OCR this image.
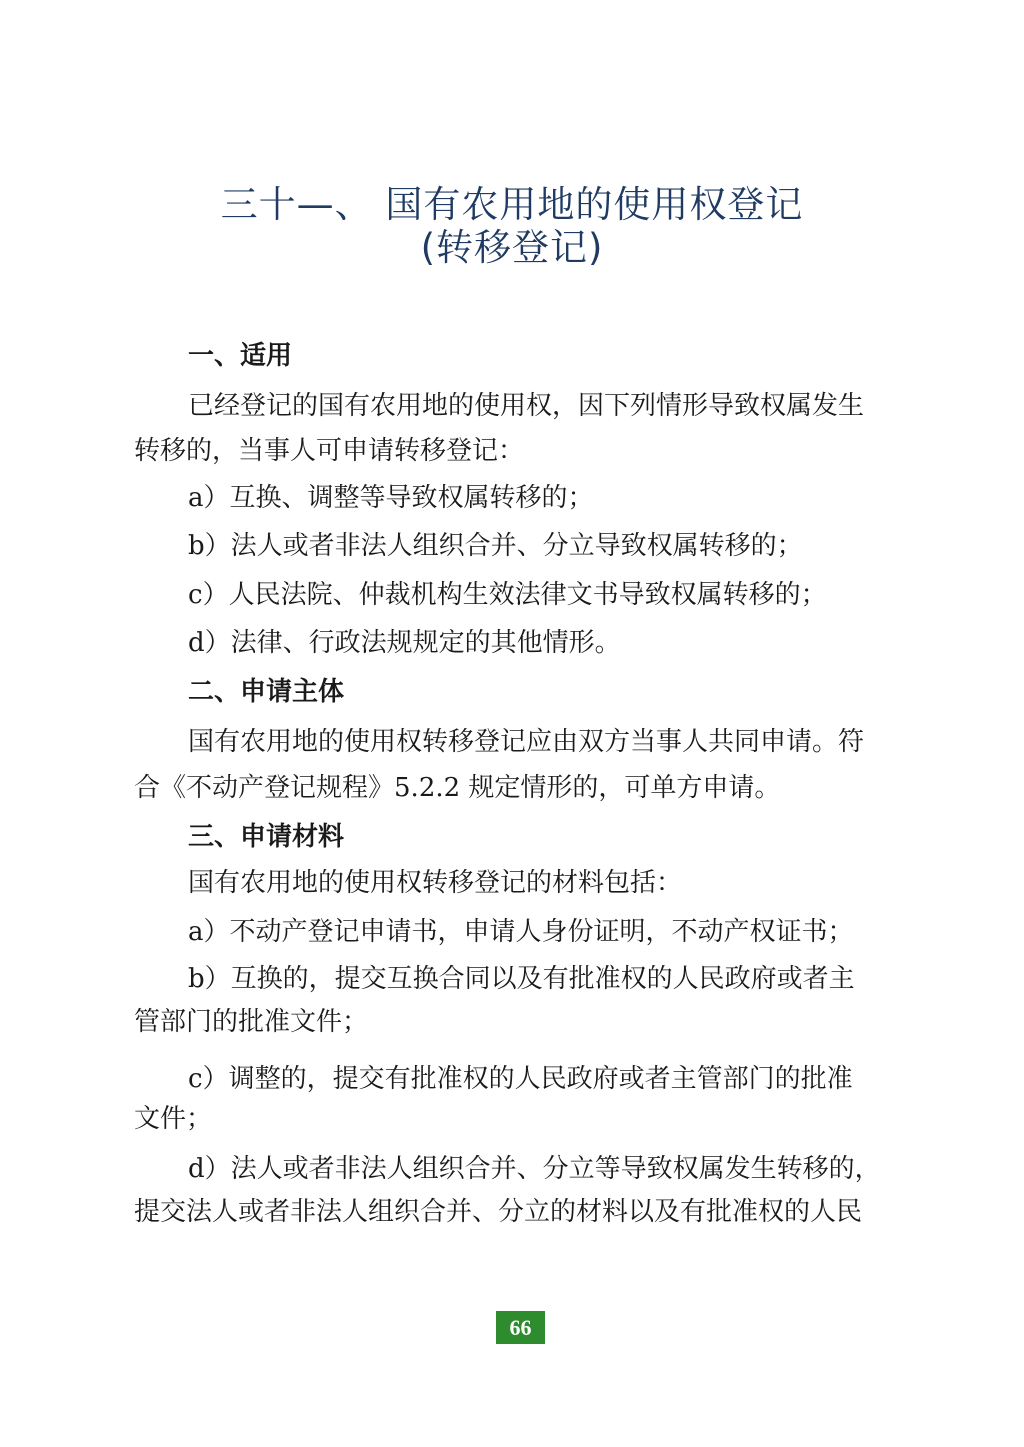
三十—、 国有农用地的使用权登记
(转移登记)
一、适用
已经登记的国有农用地的使用权，因下列情形导致权属发生
转移的，当事人可申请转移登记：
a）互换、调整等导致权属转移的；
b）法人或者非法人组织合并、分立导致权属转移的；
c）人民法院、仲裁机构生效法律文书导致权属转移的；
d）法律、行政法规规定的其他情形。
二、申请主体
国有农用地的使用权转移登记应由双方当事人共同申请。符
合《不动产登记规程》5.2.2 规定情形的，可单方申请。
三、申请材料
国有农用地的使用权转移登记的材料包括：
a）不动产登记申请书，申请人身份证明，不动产权证书；
b）互换的，提交互换合同以及有批准权的人民政府或者主
管部门的批准文件；
c）调整的，提交有批准权的人民政府或者主管部门的批准
文件；
d）法人或者非法人组织合并、分立等导致权属发生转移的，
提交法人或者非法人组织合并、分立的材料以及有批准权的人民
66
